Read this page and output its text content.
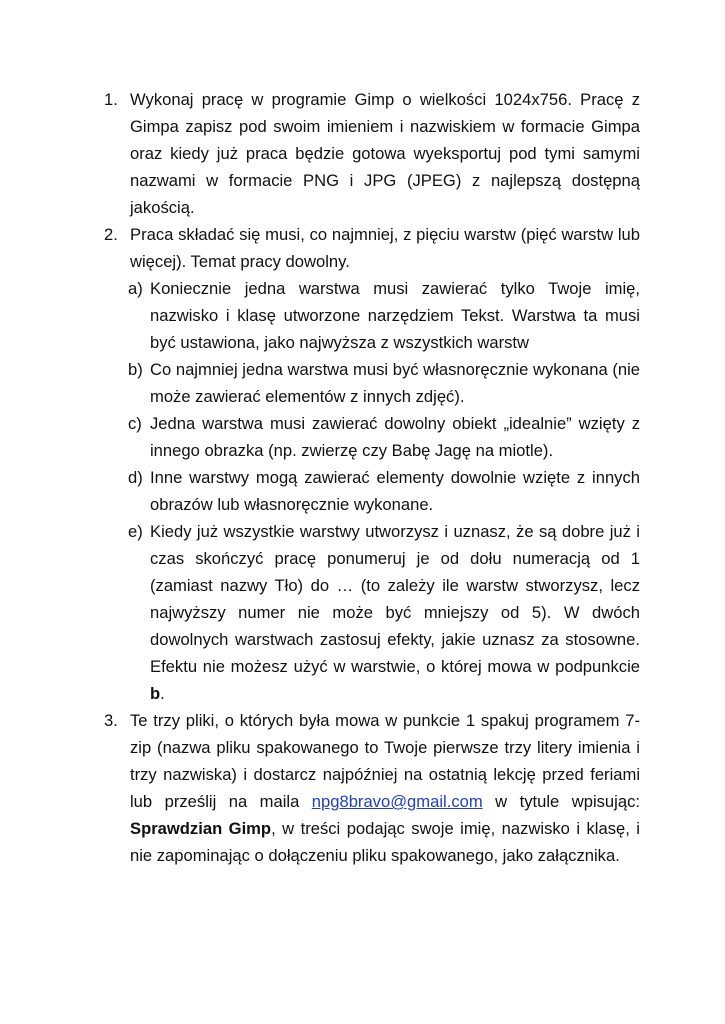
1. Wykonaj pracę w programie Gimp o wielkości 1024x756. Pracę z Gimpa zapisz pod swoim imieniem i nazwiskiem w formacie Gimpa oraz kiedy już praca będzie gotowa wyeksportuj pod tymi samymi nazwami w formacie PNG i JPG (JPEG) z najlepszą dostępną jakością.
2. Praca składać się musi, co najmniej, z pięciu warstw (pięć warstw lub więcej). Temat pracy dowolny.
a) Koniecznie jedna warstwa musi zawierać tylko Twoje imię, nazwisko i klasę utworzone narzędziem Tekst. Warstwa ta musi być ustawiona, jako najwyższa z wszystkich warstw
b) Co najmniej jedna warstwa musi być własnoręcznie wykonana (nie może zawierać elementów z innych zdjęć).
c) Jedna warstwa musi zawierać dowolny obiekt „idealnie” wzięty z innego obrazka (np. zwierzę czy Babę Jagę na miotle).
d) Inne warstwy mogą zawierać elementy dowolnie wzięte z innych obrazów lub własnoręcznie wykonane.
e) Kiedy już wszystkie warstwy utworzysz i uznasz, że są dobre już i czas skończyć pracę ponumeruj je od dołu numeracją od 1 (zamiast nazwy Tło) do … (to zależy ile warstw stworzysz, lecz najwyższy numer nie może być mniejszy od 5). W dwóch dowolnych warstwach zastosuj efekty, jakie uznasz za stosowne. Efektu nie możesz użyć w warstwie, o której mowa w podpunkcie b.
3. Te trzy pliki, o których była mowa w punkcie 1 spakuj programem 7-zip (nazwa pliku spakowanego to Twoje pierwsze trzy litery imienia i trzy nazwiska) i dostarcz najpóźniej na ostatnią lekcję przed feriami lub prześlij na maila npg8bravo@gmail.com w tytule wpisując: Sprawdzian Gimp, w treści podając swoje imię, nazwisko i klasę, i nie zapominając o dołączeniu pliku spakowanego, jako załącznika.
